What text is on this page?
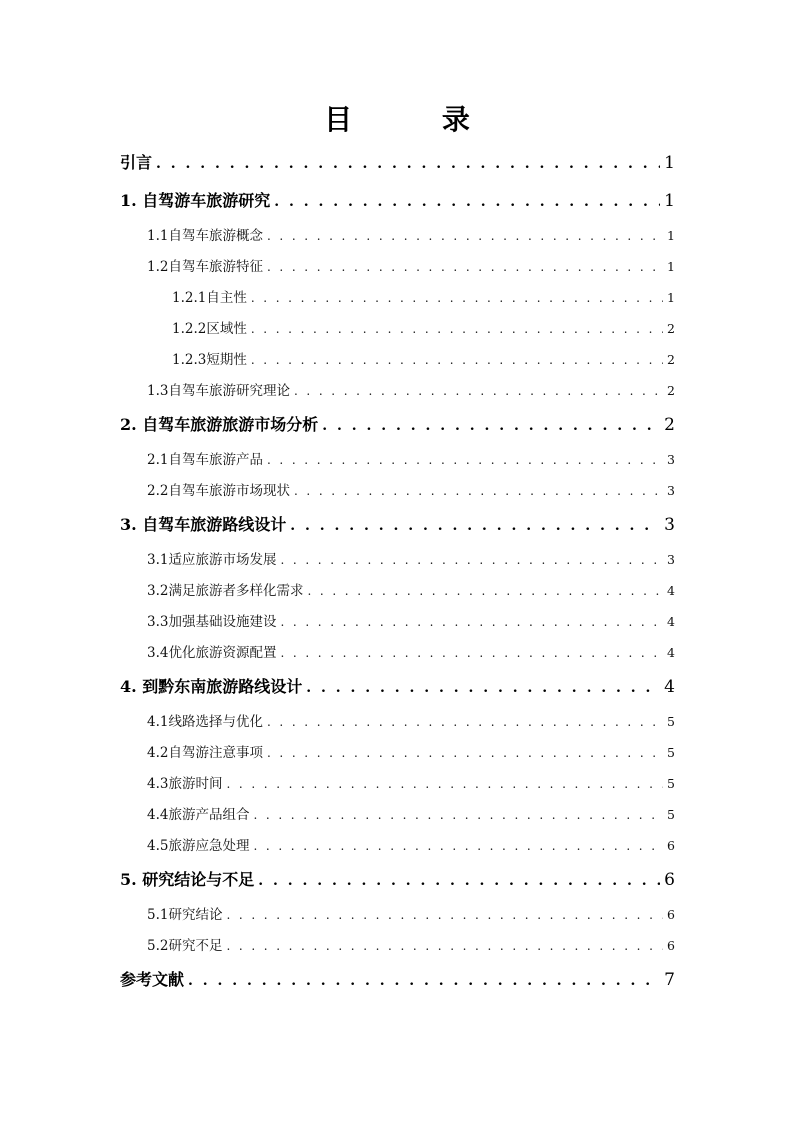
目 录
引言 . . .	1
1. 自驾游车旅游研究 . . .	1
1.1自驾车旅游概念 . . .	1
1.2自驾车旅游特征 . . .	1
1.2.1自主性 . . .	1
1.2.2区域性 . . .	2
1.2.3短期性 . . .	2
1.3自驾车旅游研究理论 . . .	2
2. 自驾车旅游旅游市场分析 . . .	2
2.1自驾车旅游产品 . . .	3
2.2自驾车旅游市场现状 . . .	3
3. 自驾车旅游路线设计 . . .	3
3.1适应旅游市场发展 . . .	3
3.2满足旅游者多样化需求 . . .	4
3.3加强基础设施建设 . . .	4
3.4优化旅游资源配置 . . .	4
4. 到黔东南旅游路线设计 . . .	4
4.1线路选择与优化 . . .	5
4.2自驾游注意事项 . . .	5
4.3旅游时间 . . .	5
4.4旅游产品组合 . . .	5
4.5旅游应急处理 . . .	6
5. 研究结论与不足 . . .	6
5.1研究结论 . . .	6
5.2研究不足 . . .	6
参考文献 . . .	7
